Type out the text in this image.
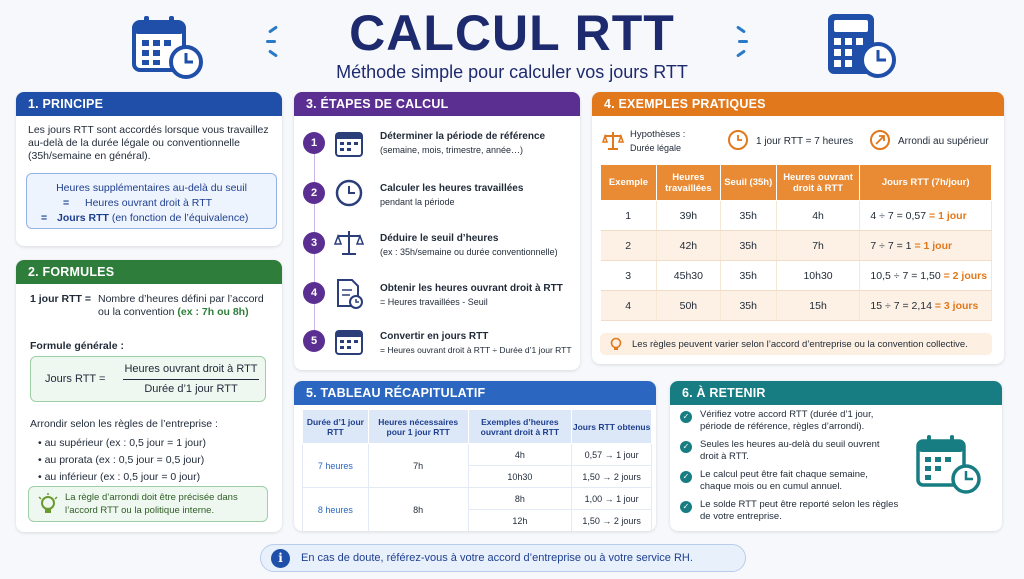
CALCUL RTT
Méthode simple pour calculer vos jours RTT
1. PRINCIPE
Les jours RTT sont accordés lorsque vous travaillez au-delà de la durée légale ou conventionnelle (35h/semaine en général).
Heures supplémentaires au-delà du seuil
= Heures ouvrant droit à RTT
= Jours RTT (en fonction de l’équivalence)
2. FORMULES
1 jour RTT = Nombre d’heures défini par l’accord ou la convention (ex : 7h ou 8h)
Formule générale :
Jours RTT =
Heures ouvrant droit à RTT
Durée d’1 jour RTT
Arrondir selon les règles de l’entreprise :
• au supérieur (ex : 0,5 jour = 1 jour)
• au prorata (ex : 0,5 jour = 0,5 jour)
• au inférieur (ex : 0,5 jour = 0 jour)
La règle d’arrondi doit être précisée dans l’accord RTT ou la politique interne.
3. ÉTAPES DE CALCUL
1
Déterminer la période de référence
(semaine, mois, trimestre, année…)
2	Calculer les heures travaillées
pendant la période
3	Déduire le seuil d’heures
(ex : 35h/semaine ou durée conventionnelle)
4	Obtenir les heures ouvrant droit à RTT
= Heures travaillées - Seuil
5	Convertir en jours RTT
= Heures ouvrant droit à RTT ÷ Durée d’1 jour RTT
4. EXEMPLES PRATIQUES
Hypothèses :
Durée légale
1 jour RTT = 7 heures	Arrondi au supérieur
Exemple	Heures travaillées	Seuil (35h)	Heures ouvrant droit à RTT	Jours RTT (7h/jour)
1	39h	35h	4h	4 ÷ 7 = 0,57 = 1 jour
2	42h	35h	7h	7 ÷ 7 = 1 = 1 jour
3	45h30	35h	10h30	10,5 ÷ 7 = 1,50 = 2 jours
4	50h	35h	15h	15 ÷ 7 = 2,14 = 3 jours
Les règles peuvent varier selon l’accord d’entreprise ou la convention collective.
5. TABLEAU RÉCAPITULATIF
Durée d’1 jour RTT	Heures nécessaires pour 1 jour RTT	Exemples d’heures ouvrant droit à RTT	Jours RTT obtenus
7 heures	7h	4h	0,57 → 1 jour
		10h30	1,50 → 2 jours
8 heures	8h	8h	1,00 → 1 jour
		12h	1,50 → 2 jours
6. À RETENIR
✓ Vérifiez votre accord RTT (durée d’1 jour, période de référence, règles d’arrondi).
✓ Seules les heures au-delà du seuil ouvrent droit à RTT.
✓ Le calcul peut être fait chaque semaine, chaque mois ou en cumul annuel.
✓ Le solde RTT peut être reporté selon les règles de votre entreprise.
i	En cas de doute, référez-vous à votre accord d’entreprise ou à votre service RH.
